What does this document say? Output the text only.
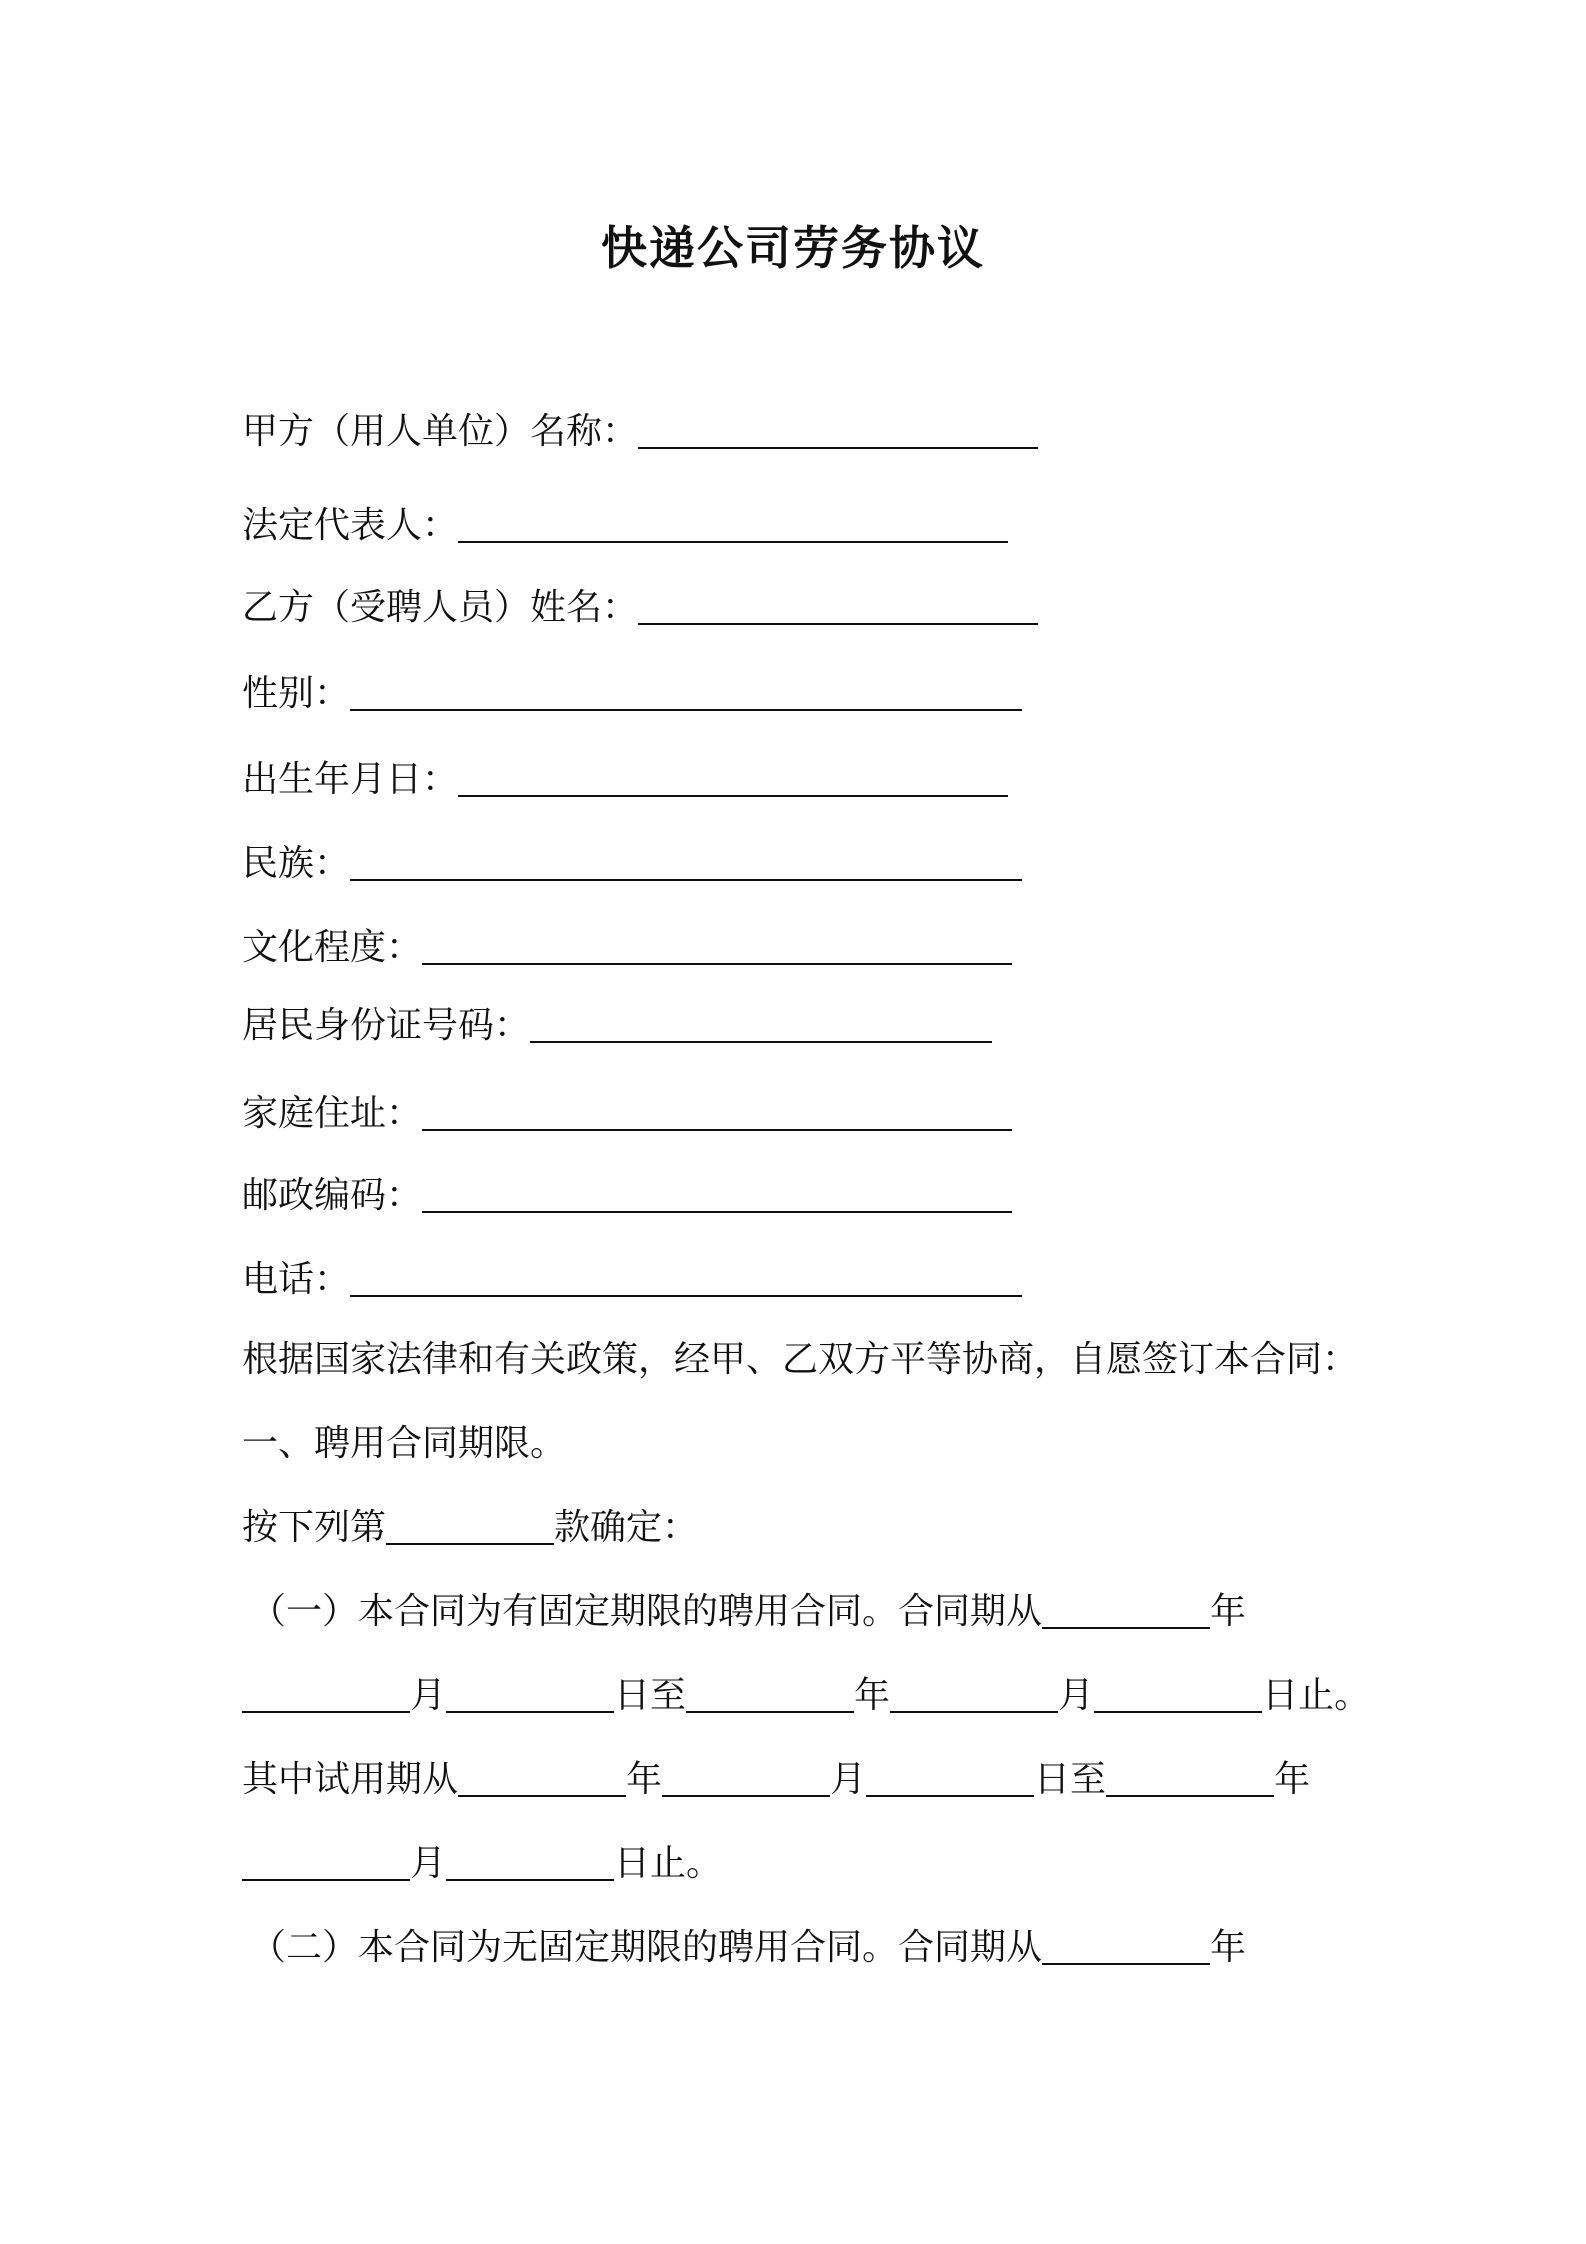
快递公司劳务协议
甲方（用人单位）名称：
法定代表人：
乙方（受聘人员）姓名：
性别：
出生年月日：
民族：
文化程度：
居民身份证号码：
家庭住址：
邮政编码：
电话：
根据国家法律和有关政策，经甲、乙双方平等协商，自愿签订本合同：
一、聘用合同期限。
按下列第	款确定：
（一）本合同为有固定期限的聘用合同。合同期从	年
月	日至	年	月	日止。
其中试用期从	年	月	日至	年
月	日止。
（二）本合同为无固定期限的聘用合同。合同期从	年
